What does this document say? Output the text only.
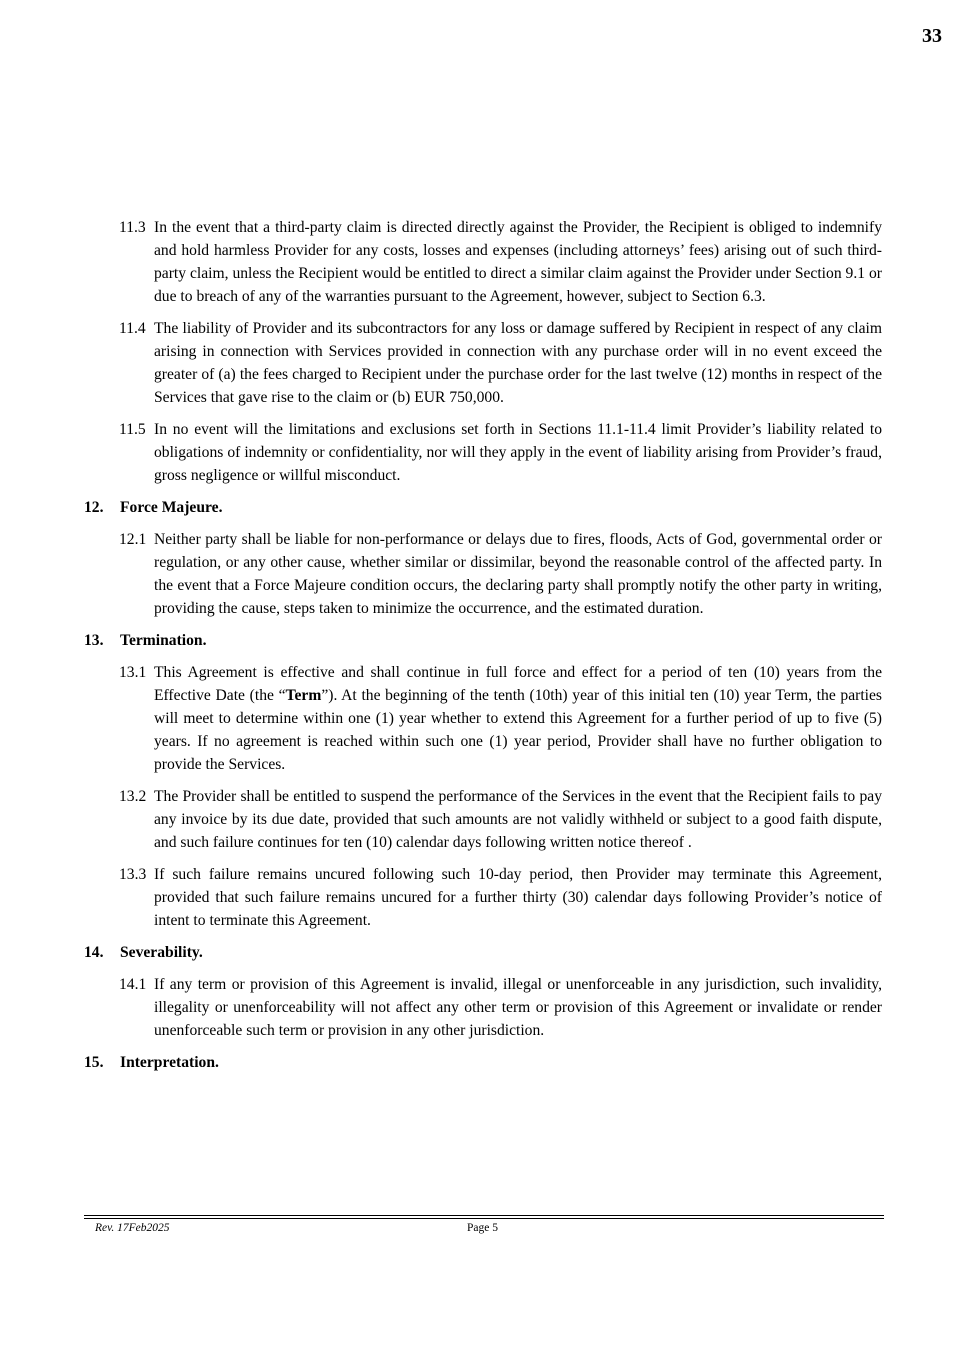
33
11.3 In the event that a third-party claim is directed directly against the Provider, the Recipient is obliged to indemnify and hold harmless Provider for any costs, losses and expenses (including attorneys’ fees) arising out of such third-party claim, unless the Recipient would be entitled to direct a similar claim against the Provider under Section 9.1 or due to breach of any of the warranties pursuant to the Agreement, however, subject to Section 6.3.
11.4 The liability of Provider and its subcontractors for any loss or damage suffered by Recipient in respect of any claim arising in connection with Services provided in connection with any purchase order will in no event exceed the greater of (a) the fees charged to Recipient under the purchase order for the last twelve (12) months in respect of the Services that gave rise to the claim or (b) EUR 750,000.
11.5 In no event will the limitations and exclusions set forth in Sections 11.1-11.4 limit Provider’s liability related to obligations of indemnity or confidentiality, nor will they apply in the event of liability arising from Provider’s fraud, gross negligence or willful misconduct.
12. Force Majeure.
12.1 Neither party shall be liable for non-performance or delays due to fires, floods, Acts of God, governmental order or regulation, or any other cause, whether similar or dissimilar, beyond the reasonable control of the affected party. In the event that a Force Majeure condition occurs, the declaring party shall promptly notify the other party in writing, providing the cause, steps taken to minimize the occurrence, and the estimated duration.
13. Termination.
13.1 This Agreement is effective and shall continue in full force and effect for a period of ten (10) years from the Effective Date (the “Term”). At the beginning of the tenth (10th) year of this initial ten (10) year Term, the parties will meet to determine within one (1) year whether to extend this Agreement for a further period of up to five (5) years. If no agreement is reached within such one (1) year period, Provider shall have no further obligation to provide the Services.
13.2 The Provider shall be entitled to suspend the performance of the Services in the event that the Recipient fails to pay any invoice by its due date, provided that such amounts are not validly withheld or subject to a good faith dispute, and such failure continues for ten (10) calendar days following written notice thereof .
13.3 If such failure remains uncured following such 10-day period, then Provider may terminate this Agreement, provided that such failure remains uncured for a further thirty (30) calendar days following Provider’s notice of intent to terminate this Agreement.
14. Severability.
14.1 If any term or provision of this Agreement is invalid, illegal or unenforceable in any jurisdiction, such invalidity, illegality or unenforceability will not affect any other term or provision of this Agreement or invalidate or render unenforceable such term or provision in any other jurisdiction.
15. Interpretation.
Rev. 17Feb2025	Page 5
